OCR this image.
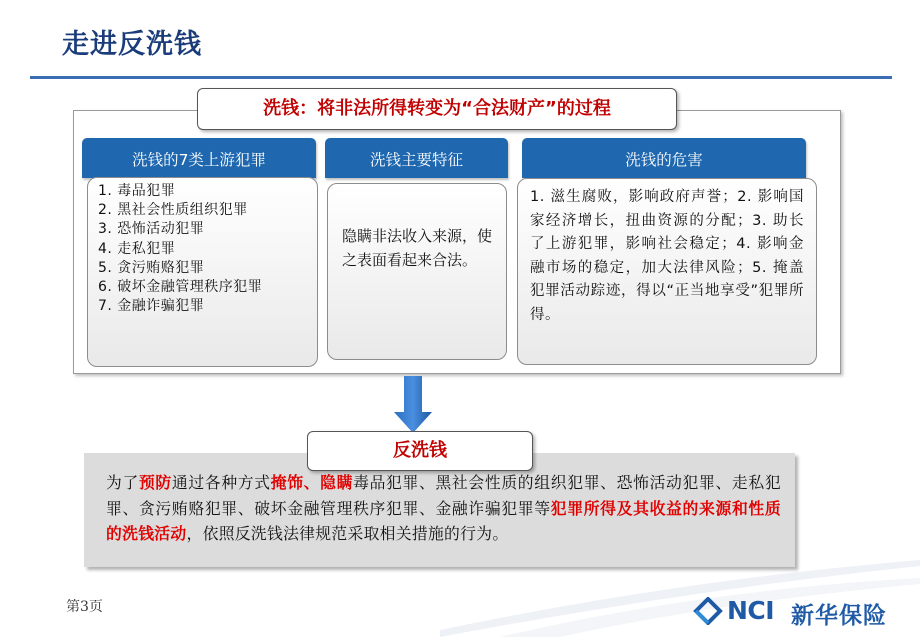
走进反洗钱
洗钱：将非法所得转变为“合法财产”的过程
洗钱的7类上游犯罪	洗钱主要特征	洗钱的危害
1. 毒品犯罪
2. 黑社会性质组织犯罪
3. 恐怖活动犯罪
4. 走私犯罪
5. 贪污贿赂犯罪
6. 破坏金融管理秩序犯罪
7. 金融诈骗犯罪
隐瞒非法收入来源，使之表面看起来合法。
1. 滋生腐败，影响政府声誉；2. 影响国家经济增长，扭曲资源的分配；3. 助长了上游犯罪，影响社会稳定；4. 影响金融市场的稳定，加大法律风险；5. 掩盖犯罪活动踪迹，得以“正当地享受”犯罪所得。
为了预防通过各种方式掩饰、隐瞒毒品犯罪、黑社会性质的组织犯罪、恐怖活动犯罪、走私犯罪、贪污贿赂犯罪、破坏金融管理秩序犯罪、金融诈骗犯罪等犯罪所得及其收益的来源和性质的洗钱活动，依照反洗钱法律规范采取相关措施的行为。
反洗钱
第3页	NCI 新华保险
